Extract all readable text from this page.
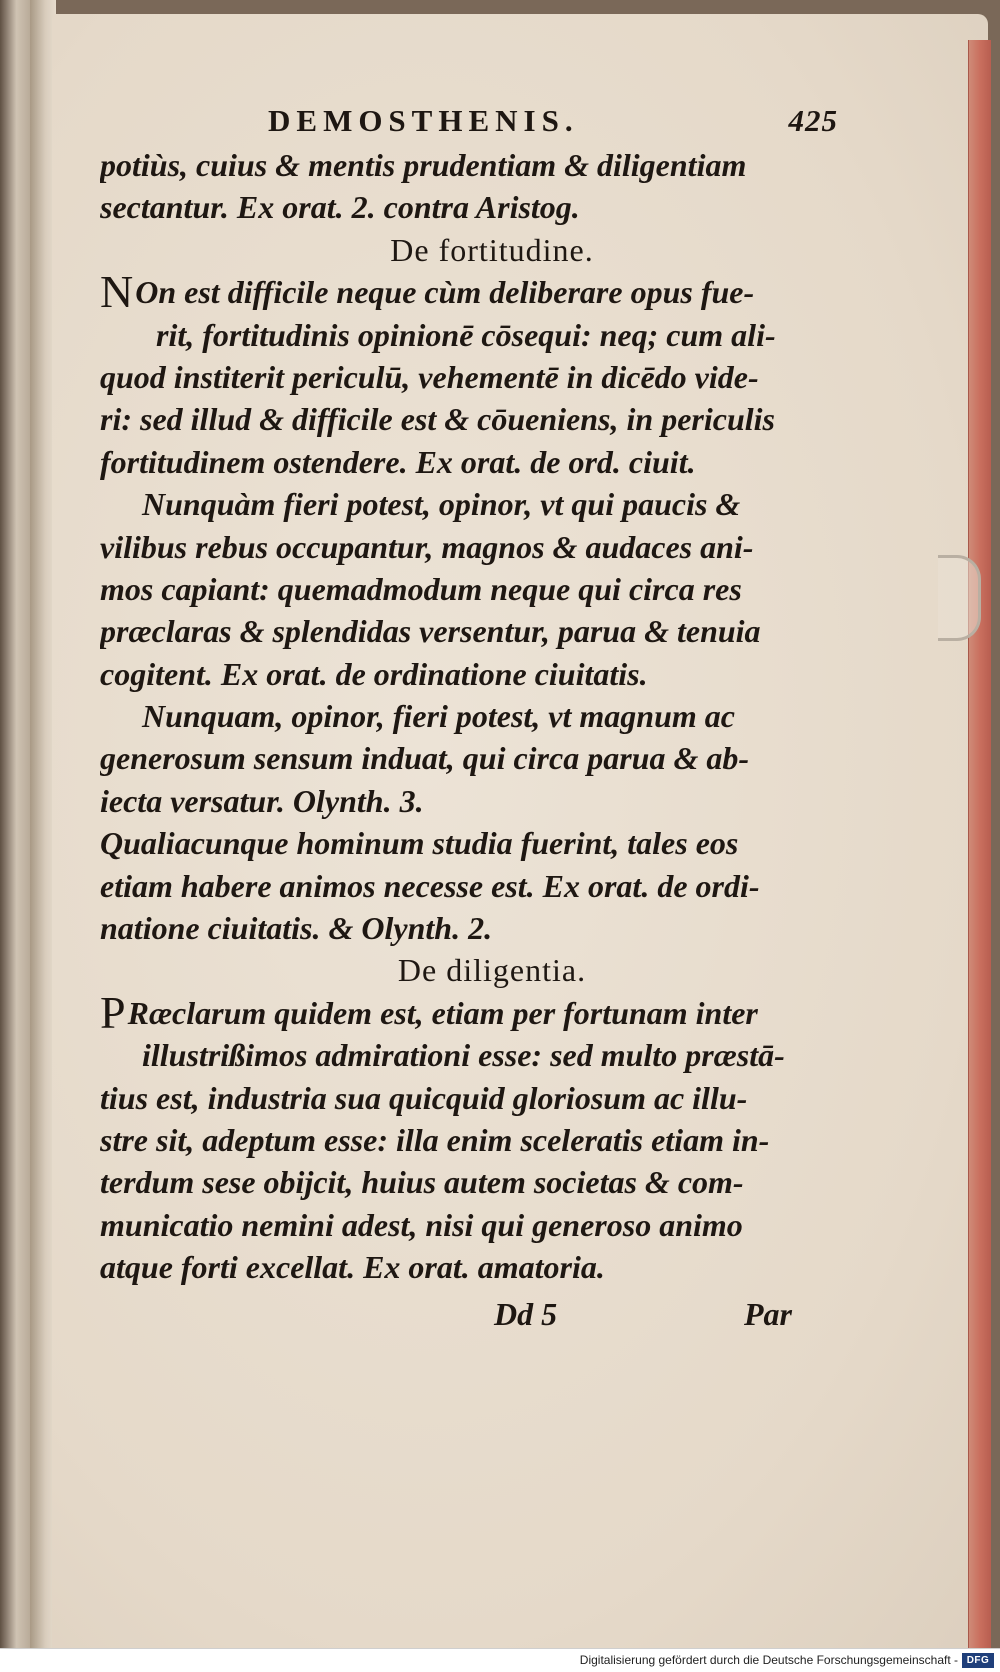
DEMOSTHENIS.	425
potiùs, cuius & mentis prudentiam & diligentiam
sectantur. Ex orat. 2. contra Aristog.
De fortitudine.
NOn est difficile neque cùm deliberare opus fue-
rit, fortitudinis opinionē cōsequi: neq; cum ali-
quod institerit periculū, vehementē in dicēdo vide-
ri: sed illud & difficile est & cōueniens, in periculis
fortitudinem ostendere. Ex orat. de ord. ciuit.
Nunquàm fieri potest, opinor, vt qui paucis &
vilibus rebus occupantur, magnos & audaces ani-
mos capiant: quemadmodum neque qui circa res
præclaras & splendidas versentur, parua & tenuia
cogitent. Ex orat. de ordinatione ciuitatis.
Nunquam, opinor, fieri potest, vt magnum ac
generosum sensum induat, qui circa parua & ab-
iecta versatur. Olynth. 3.
Qualiacunque hominum studia fuerint, tales eos
etiam habere animos necesse est. Ex orat. de ordi-
natione ciuitatis. & Olynth. 2.
De diligentia.
PRæclarum quidem est, etiam per fortunam inter
illustrißimos admirationi esse: sed multo præstā-
tius est, industria sua quicquid gloriosum ac illu-
stre sit, adeptum esse: illa enim sceleratis etiam in-
terdum sese obijcit, huius autem societas & com-
municatio nemini adest, nisi qui generoso animo
atque forti excellat. Ex orat. amatoria.
Dd 5	Par
Digitalisierung gefördert durch die Deutsche Forschungsgemeinschaft - DFG
